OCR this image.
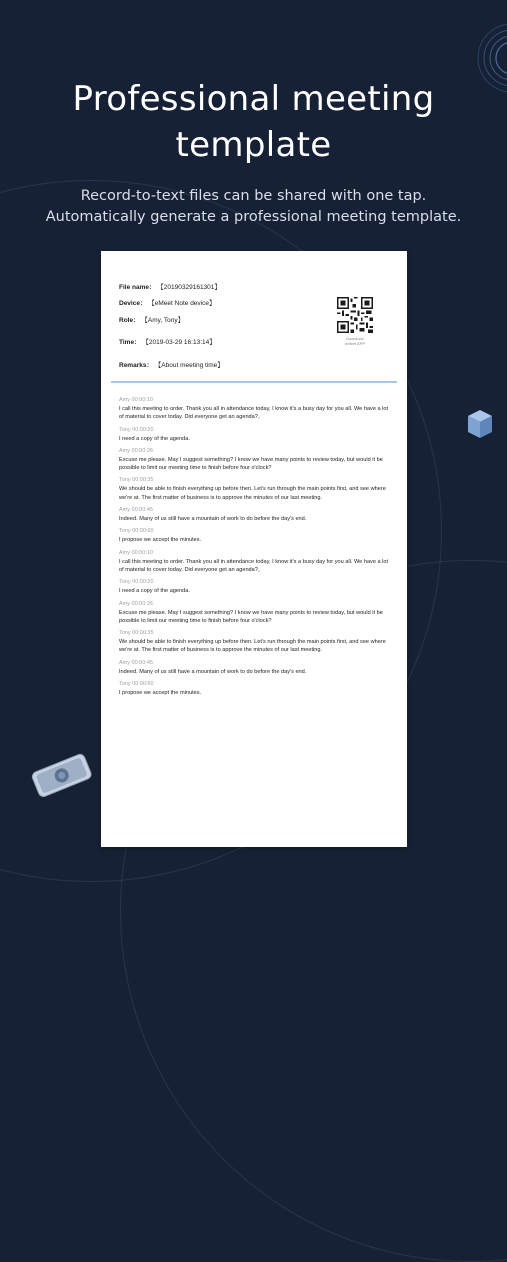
Professional meeting
template
Record-to-text files can be shared with one tap.
Automatically generate a professional meeting template.
File name： 【20190329161301】
Device： 【eMeet Note device】
Role： 【Amy, Tony】
Time： 【2019-03-29 16:13:14】
Remarks： 【About meeting time】
Download
eMeet APP
Amy 00:00:10
I call this meeting to order. Thank you all in attendance today, I know it's a busy day for you all. We have a lot of material to cover today. Did everyone get an agenda?。
Tony 00:00:20
I need a copy of the agenda.
Amy 00:00:26
Excuse me please. May I suggest something? I know we have many points to review today, but would it be possible to limit our meeting time to finish before four o'clock?
Tony 00:00:35
We should be able to finish everything up before then. Let's run through the main points first, and see where we're at. The first matter of business is to approve the minutes of our last meeting.
Amy 00:00:45
Indeed. Many of us still have a mountain of work to do before the day's end.
Tony 00:00:60
I propose we accept the minutes.
Amy 00:00:10
I call this meeting to order. Thank you all in attendance today, I know it's a busy day for you all. We have a lot of material to cover today. Did everyone get an agenda?。
Tony 00:00:20
I need a copy of the agenda.
Amy 00:00:26
Excuse me please. May I suggest something? I know we have many points to review today, but would it be possible to limit our meeting time to finish before four o'clock?
Tony 00:00:35
We should be able to finish everything up before then. Let's run through the main points first, and see where we're at. The first matter of business is to approve the minutes of our last meeting.
Amy 00:00:45
Indeed. Many of us still have a mountain of work to do before the day's end.
Tony 00:00:60
I propose we accept the minutes.
